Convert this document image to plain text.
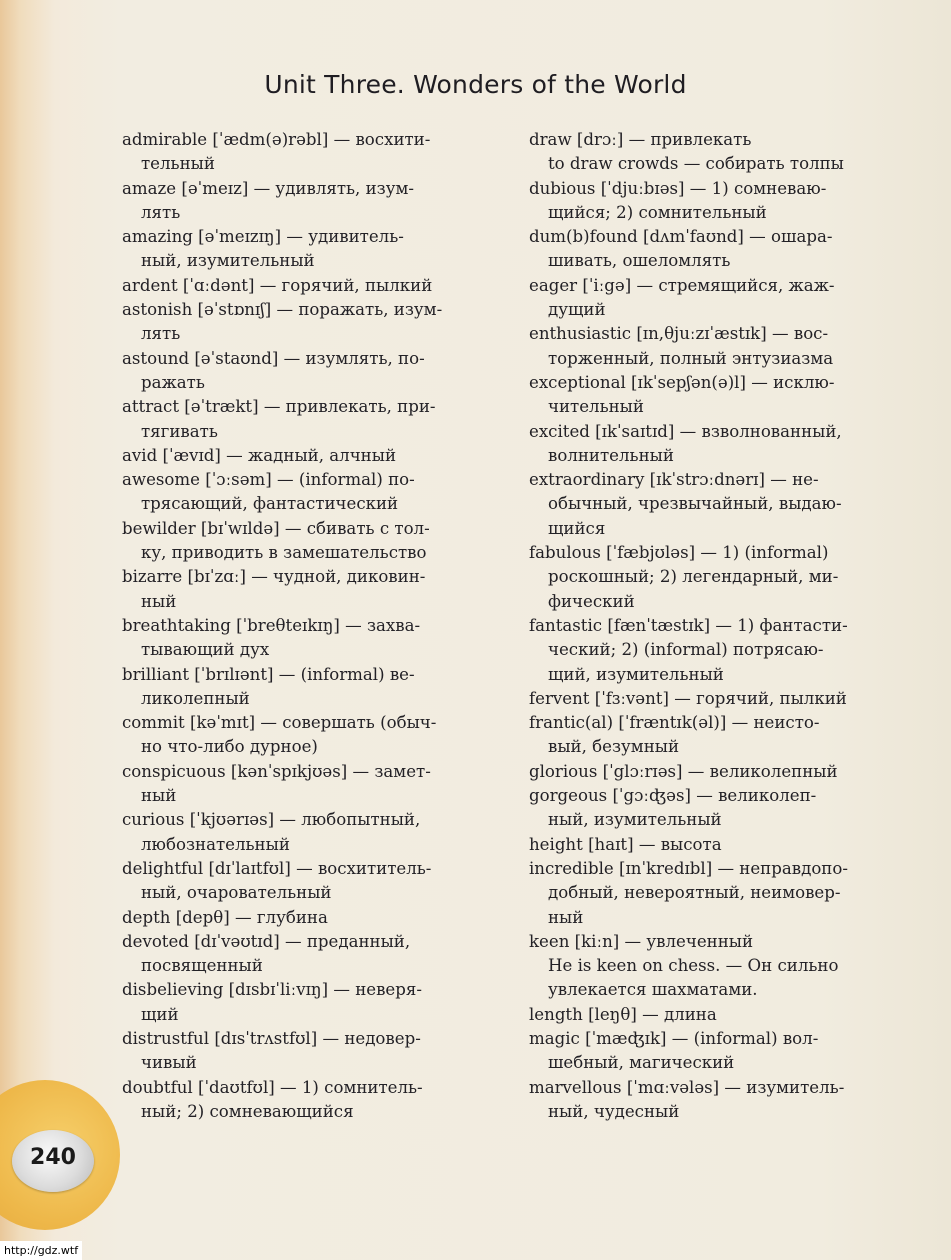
Unit Three. Wonders of the World
admirable [ˈædm(ə)rəbl] — восхити-
тельный
amaze [əˈmeɪz] — удивлять, изум-
лять
amazing [əˈmeɪzɪŋ] — удивитель-
ный, изумительный
ardent [ˈɑːdənt] — горячий, пылкий
astonish [əˈstɒnɪʃ] — поражать, изум-
лять
astound [əˈstaʊnd] — изумлять, по-
ражать
attract [əˈtrækt] — привлекать, при-
тягивать
avid [ˈævɪd] — жадный, алчный
awesome [ˈɔːsəm] — (informal) по-
трясающий, фантастический
bewilder [bɪˈwɪldə] — сбивать с тол-
ку, приводить в замешательство
bizarre [bɪˈzɑː] — чудной, диковин-
ный
breathtaking [ˈbreθteɪkɪŋ] — захва-
тывающий дух
brilliant [ˈbrɪlɪənt] — (informal) ве-
ликолепный
commit [kəˈmɪt] — совершать (обыч-
но что-либо дурное)
conspicuous [kənˈspɪkjʊəs] — замет-
ный
curious [ˈkjʊərɪəs] — любопытный,
любознательный
delightful [dɪˈlaɪtfʊl] — восхититель-
ный, очаровательный
depth [depθ] — глубина
devoted [dɪˈvəʊtɪd] — преданный,
посвященный
disbelieving [dɪsbɪˈliːvɪŋ] — неверя-
щий
distrustful [dɪsˈtrʌstfʊl] — недовер-
чивый
doubtful [ˈdaʊtfʊl] — 1) сомнитель-
ный; 2) сомневающийся
draw [drɔː] — привлекать
to draw crowds — собирать толпы
dubious [ˈdjuːbɪəs] — 1) сомневаю-
щийся; 2) сомнительный
dum(b)found [dʌmˈfaʊnd] — ошара-
шивать, ошеломлять
eager [ˈiːgə] — стремящийся, жаж-
дущий
enthusiastic [ɪn,θjuːzɪˈæstɪk] — вос-
торженный, полный энтузиазма
exceptional [ɪkˈsepʃən(ə)l] — исклю-
чительный
excited [ɪkˈsaɪtɪd] — взволнованный,
волнительный
extraordinary [ɪkˈstrɔːdnərɪ] — не-
обычный, чрезвычайный, выдаю-
щийся
fabulous [ˈfæbjʊləs] — 1) (informal)
роскошный; 2) легендарный, ми-
фический
fantastic [fænˈtæstɪk] — 1) фантасти-
ческий; 2) (informal) потрясаю-
щий, изумительный
fervent [ˈfɜːvənt] — горячий, пылкий
frantic(al) [ˈfræntɪk(əl)] — неисто-
вый, безумный
glorious [ˈglɔːrɪəs] — великолепный
gorgeous [ˈgɔːʤəs] — великолеп-
ный, изумительный
height [haɪt] — высота
incredible [ɪnˈkredɪbl] — неправдопо-
добный, невероятный, неимовер-
ный
keen [kiːn] — увлеченный
He is keen on chess. — Он сильно
увлекается шахматами.
length [leŋθ] — длина
magic [ˈmæʤɪk] — (informal) вол-
шебный, магический
marvellous [ˈmɑːvələs] — изумитель-
ный, чудесный
240
http://gdz.wtf
